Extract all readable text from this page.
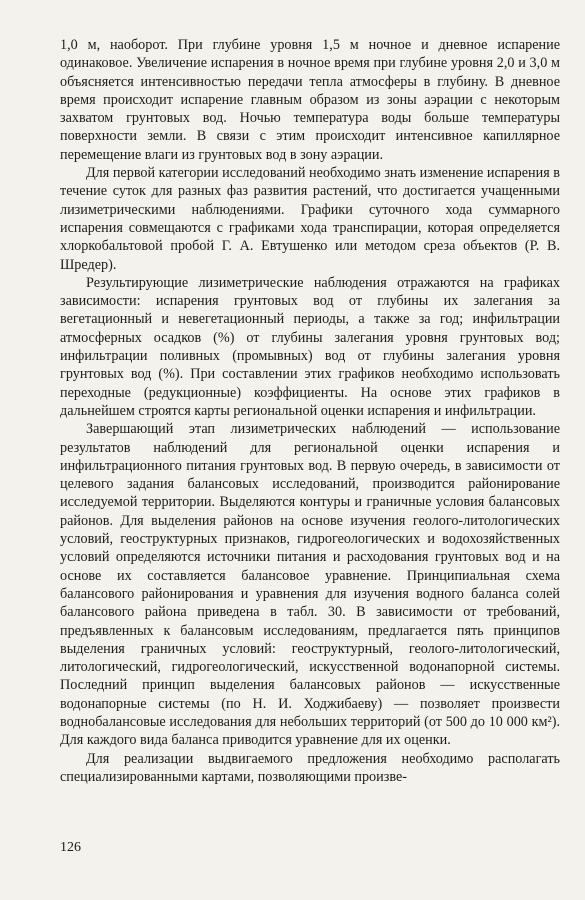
1,0 м, наоборот. При глубине уровня 1,5 м ночное и дневное испарение одинаковое. Увеличение испарения в ночное время при глубине уровня 2,0 и 3,0 м объясняется интенсивностью передачи тепла атмосферы в глубину. В дневное время происходит испарение главным образом из зоны аэрации с некоторым захватом грунтовых вод. Ночью температура воды больше температуры поверхности земли. В связи с этим происходит интенсивное капиллярное перемещение влаги из грунтовых вод в зону аэрации.

Для первой категории исследований необходимо знать изменение испарения в течение суток для разных фаз развития растений, что достигается учащенными лизиметрическими наблюдениями. Графики суточного хода суммарного испарения совмещаются с графиками хода транспирации, которая определяется хлоркобальтовой пробой Г. А. Евтушенко или методом среза объектов (Р. В. Шредер).

Результирующие лизиметрические наблюдения отражаются на графиках зависимости: испарения грунтовых вод от глубины их залегания за вегетационный и невегетационный периоды, а также за год; инфильтрации атмосферных осадков (%) от глубины залегания уровня грунтовых вод; инфильтрации поливных (промывных) вод от глубины залегания уровня грунтовых вод (%). При составлении этих графиков необходимо использовать переходные (редукционные) коэффициенты. На основе этих графиков в дальнейшем строятся карты региональной оценки испарения и инфильтрации.

Завершающий этап лизиметрических наблюдений — использование результатов наблюдений для региональной оценки испарения и инфильтрационного питания грунтовых вод. В первую очередь, в зависимости от целевого задания балансовых исследований, производится районирование исследуемой территории. Выделяются контуры и граничные условия балансовых районов. Для выделения районов на основе изучения геолого-литологических условий, геоструктурных признаков, гидрогеологических и водохозяйственных условий определяются источники питания и расходования грунтовых вод и на основе их составляется балансовое уравнение. Принципиальная схема балансового районирования и уравнения для изучения водного баланса солей балансового района приведена в табл. 30. В зависимости от требований, предъявленных к балансовым исследованиям, предлагается пять принципов выделения граничных условий: геоструктурный, геолого-литологический, литологический, гидрогеологический, искусственной водонапорной системы. Последний принцип выделения балансовых районов — искусственные водонапорные системы (по Н. И. Ходжибаеву) — позволяет произвести воднобалансовые исследования для небольших территорий (от 500 до 10 000 км²). Для каждого вида баланса приводится уравнение для их оценки.

Для реализации выдвигаемого предложения необходимо располагать специализированными картами, позволяющими произве-

126
